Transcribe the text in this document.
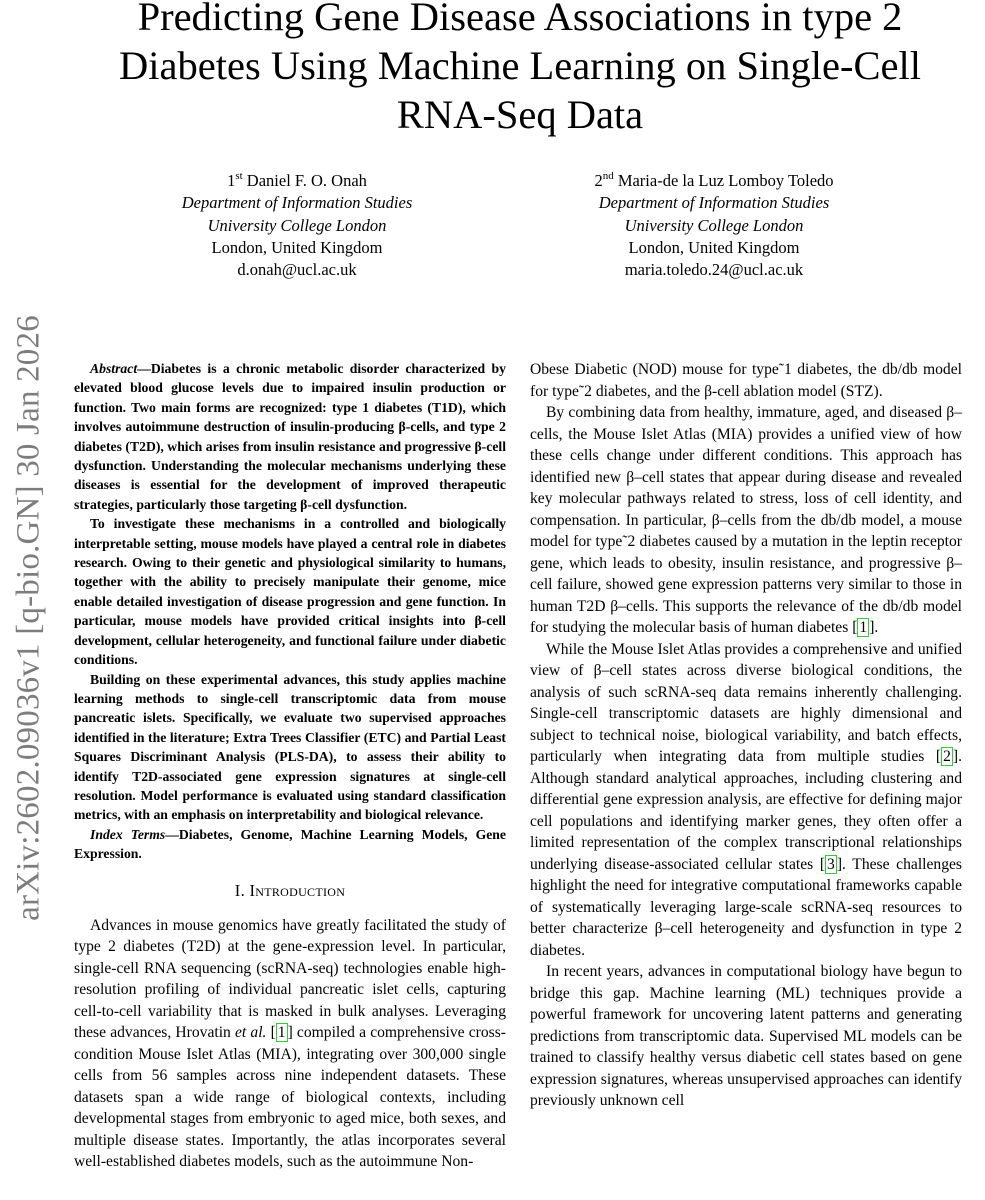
arXiv:2602.09036v1 [q-bio.GN] 30 Jan 2026
Predicting Gene Disease Associations in type 2
Diabetes Using Machine Learning on Single-Cell
RNA-Seq Data
1st Daniel F. O. Onah
Department of Information Studies
University College London
London, United Kingdom
d.onah@ucl.ac.uk
2nd Maria-de la Luz Lomboy Toledo
Department of Information Studies
University College London
London, United Kingdom
maria.toledo.24@ucl.ac.uk

Abstract—Diabetes is a chronic metabolic disorder characterized by elevated blood glucose levels due to impaired insulin production or function. Two main forms are recognized: type 1 diabetes (T1D), which involves autoimmune destruction of insulin-producing β-cells, and type 2 diabetes (T2D), which arises from insulin resistance and progressive β-cell dysfunction. Understanding the molecular mechanisms underlying these diseases is essential for the development of improved therapeutic strategies, particularly those targeting β-cell dysfunction.

To investigate these mechanisms in a controlled and biologically interpretable setting, mouse models have played a central role in diabetes research. Owing to their genetic and physiological similarity to humans, together with the ability to precisely manipulate their genome, mice enable detailed investigation of disease progression and gene function. In particular, mouse models have provided critical insights into β-cell development, cellular heterogeneity, and functional failure under diabetic conditions.

Building on these experimental advances, this study applies machine learning methods to single-cell transcriptomic data from mouse pancreatic islets. Specifically, we evaluate two supervised approaches identified in the literature; Extra Trees Classifier (ETC) and Partial Least Squares Discriminant Analysis (PLS-DA), to assess their ability to identify T2D-associated gene expression signatures at single-cell resolution. Model performance is evaluated using standard classification metrics, with an emphasis on interpretability and biological relevance.

Index Terms—Diabetes, Genome, Machine Learning Models, Gene Expression.

I. Introduction

Advances in mouse genomics have greatly facilitated the study of type 2 diabetes (T2D) at the gene-expression level. In particular, single-cell RNA sequencing (scRNA-seq) technologies enable high-resolution profiling of individual pancreatic islet cells, capturing cell-to-cell variability that is masked in bulk analyses. Leveraging these advances, Hrovatin et al. [ 1 ] compiled a comprehensive cross-condition Mouse Islet Atlas (MIA), integrating over 300,000 single cells from 56 samples across nine independent datasets. These datasets span a wide range of biological contexts, including developmental stages from embryonic to aged mice, both sexes, and multiple disease states. Importantly, the atlas incorporates several well-established diabetes models, such as the autoimmune Non-

Obese Diabetic (NOD) mouse for type˜1 diabetes, the db/db model for type˜2 diabetes, and the β-cell ablation model (STZ).

By combining data from healthy, immature, aged, and diseased β–cells, the Mouse Islet Atlas (MIA) provides a unified view of how these cells change under different conditions. This approach has identified new β–cell states that appear during disease and revealed key molecular pathways related to stress, loss of cell identity, and compensation. In particular, β–cells from the db/db model, a mouse model for type˜2 diabetes caused by a mutation in the leptin receptor gene, which leads to obesity, insulin resistance, and progressive β–cell failure, showed gene expression patterns very similar to those in human T2D β–cells. This supports the relevance of the db/db model for studying the molecular basis of human diabetes [ 1 ].

While the Mouse Islet Atlas provides a comprehensive and unified view of β–cell states across diverse biological conditions, the analysis of such scRNA-seq data remains inherently challenging. Single-cell transcriptomic datasets are highly dimensional and subject to technical noise, biological variability, and batch effects, particularly when integrating data from multiple studies [ 2 ]. Although standard analytical approaches, including clustering and differential gene expression analysis, are effective for defining major cell populations and identifying marker genes, they often offer a limited representation of the complex transcriptional relationships underlying disease-associated cellular states [ 3 ]. These challenges highlight the need for integrative computational frameworks capable of systematically leveraging large-scale scRNA-seq resources to better characterize β–cell heterogeneity and dysfunction in type 2 diabetes.

In recent years, advances in computational biology have begun to bridge this gap. Machine learning (ML) techniques provide a powerful framework for uncovering latent patterns and generating predictions from transcriptomic data. Supervised ML models can be trained to classify healthy versus diabetic cell states based on gene expression signatures, whereas unsupervised approaches can identify previously unknown cell
